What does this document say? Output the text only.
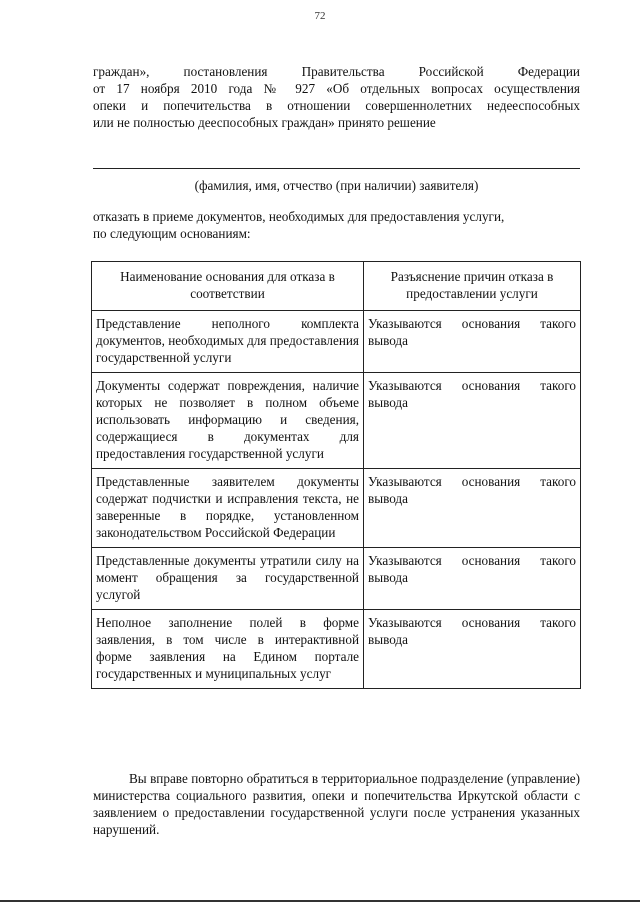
72
граждан», постановления Правительства Российской Федерации
от 17 ноября 2010 года № 927 «Об отдельных вопросах осуществления
опеки и попечительства в отношении совершеннолетних недееспособных
или не полностью дееспособных граждан» принято решение
(фамилия, имя, отчество (при наличии) заявителя)
отказать в приеме документов, необходимых для предоставления услуги,
по следующим основаниям:
Наименование основания для отказа в соответствии	Разъяснение причин отказа в предоставлении услуги
Представление неполного комплекта документов, необходимых для предоставления государственной услуги	Указываются основания такого вывода
Документы содержат повреждения, наличие которых не позволяет в полном объеме использовать информацию и сведения, содержащиеся в документах для предоставления государственной услуги	Указываются основания такого вывода
Представленные заявителем документы содержат подчистки и исправления текста, не заверенные в порядке, установленном законодательством Российской Федерации	Указываются основания такого вывода
Представленные документы утратили силу на момент обращения за государственной услугой	Указываются основания такого вывода
Неполное заполнение полей в форме заявления, в том числе в интерактивной форме заявления на Едином портале государственных и муниципальных услуг	Указываются основания такого вывода
Вы вправе повторно обратиться в территориальное подразделение (управление) министерства социального развития, опеки и попечительства Иркутской области с заявлением о предоставлении государственной услуги после устранения указанных нарушений.
